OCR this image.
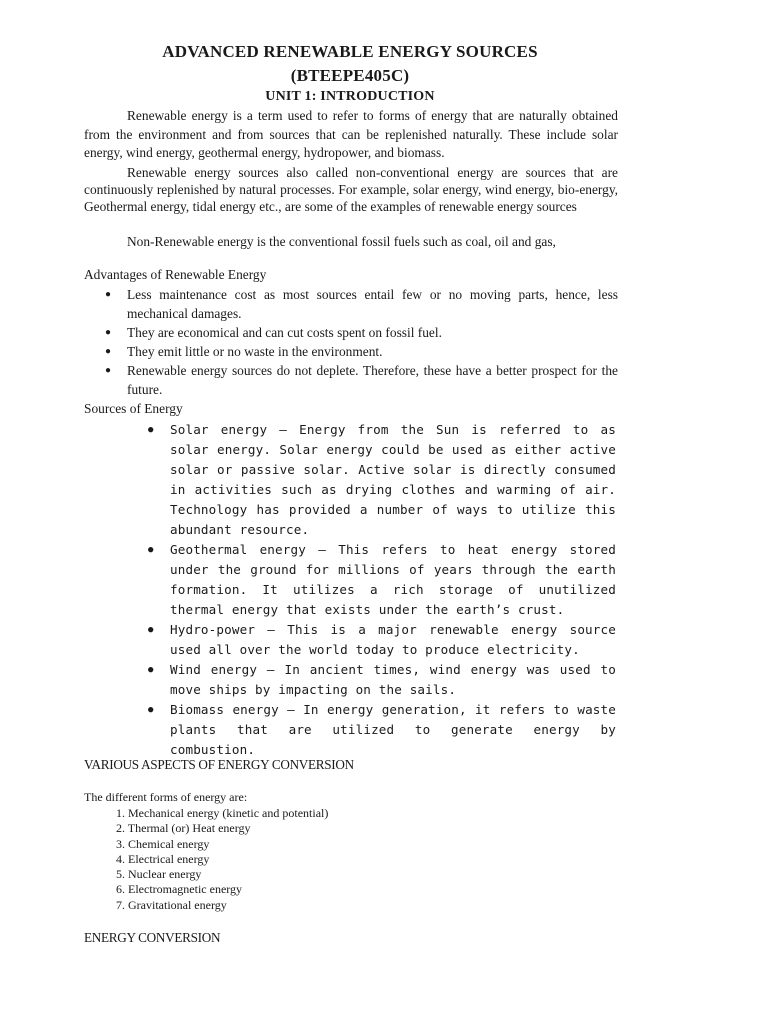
ADVANCED RENEWABLE ENERGY SOURCES
(BTEEPE405C)
UNIT 1: INTRODUCTION

Renewable energy is a term used to refer to forms of energy that are naturally obtained from the environment and from sources that can be replenished naturally. These include solar energy, wind energy, geothermal energy, hydropower, and biomass.

Renewable energy sources also called non-conventional energy are sources that are continuously replenished by natural processes. For example, solar energy, wind energy, bio-energy, Geothermal energy, tidal energy etc., are some of the examples of renewable energy sources

Non-Renewable energy is the conventional fossil fuels such as coal, oil and gas,

Advantages of Renewable Energy
● Less maintenance cost as most sources entail few or no moving parts, hence, less mechanical damages.
● They are economical and can cut costs spent on fossil fuel.
● They emit little or no waste in the environment.
● Renewable energy sources do not deplete. Therefore, these have a better prospect for the future.
Sources of Energy
● Solar energy – Energy from the Sun is referred to as solar energy. Solar energy could be used as either active solar or passive solar. Active solar is directly consumed in activities such as drying clothes and warming of air. Technology has provided a number of ways to utilize this abundant resource.
● Geothermal energy – This refers to heat energy stored under the ground for millions of years through the earth formation. It utilizes a rich storage of unutilized thermal energy that exists under the earth’s crust.
● Hydro-power – This is a major renewable energy source used all over the world today to produce electricity.
● Wind energy – In ancient times, wind energy was used to move ships by impacting on the sails.
● Biomass energy – In energy generation, it refers to waste plants that are utilized to generate energy by combustion.
VARIOUS ASPECTS OF ENERGY CONVERSION
The different forms of energy are:
1. Mechanical energy (kinetic and potential)
2. Thermal (or) Heat energy
3. Chemical energy
4. Electrical energy
5. Nuclear energy
6. Electromagnetic energy
7. Gravitational energy
ENERGY CONVERSION
